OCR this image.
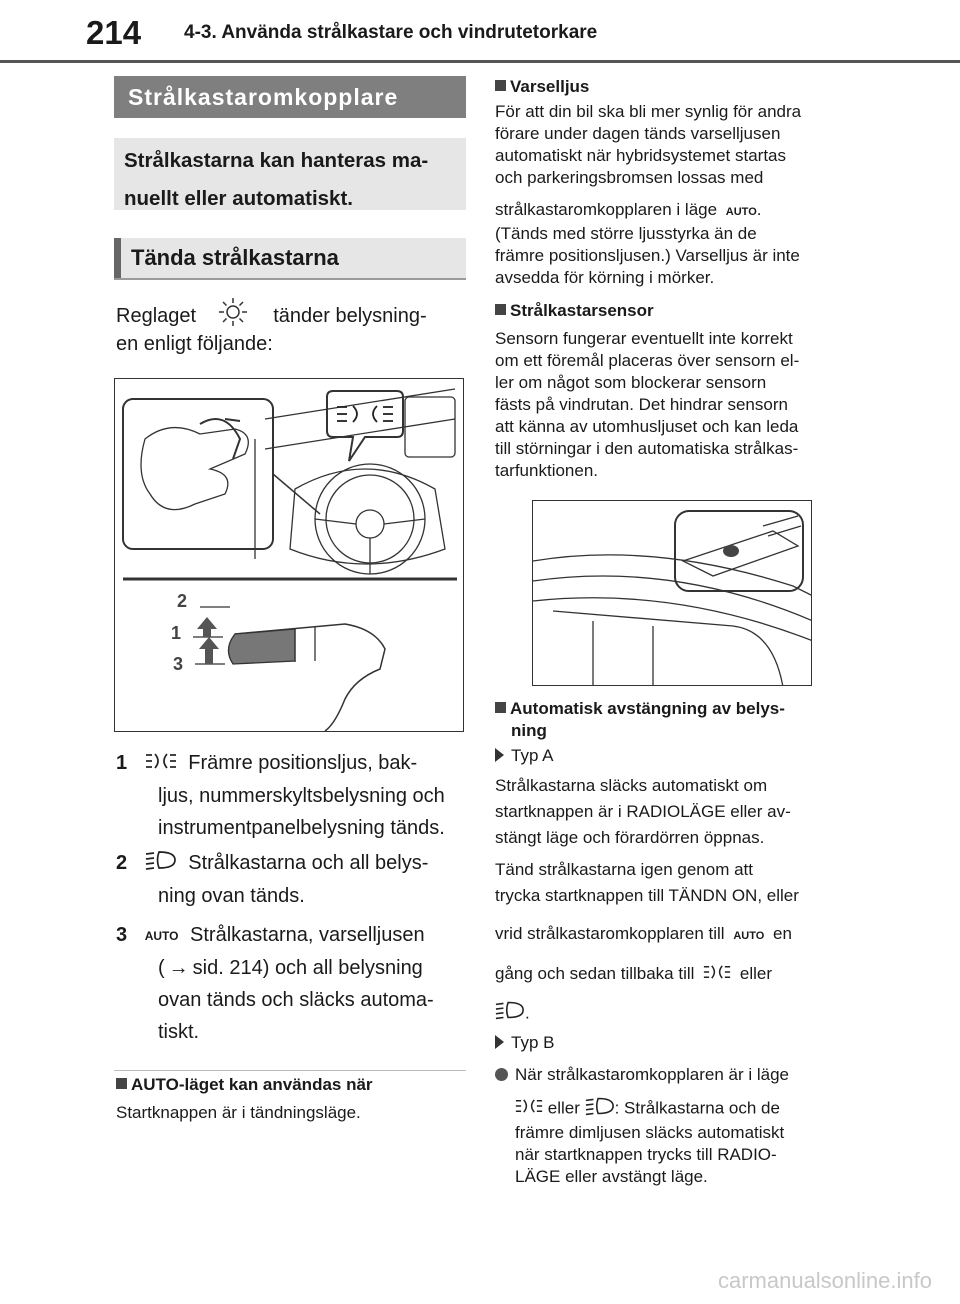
214 4-3. Använda strålkastare och vindrutetorkare
Strålkastaromkopplare
Strålkastarna kan hanteras ma-
nuellt eller automatiskt.
Tända strålkastarna
Reglaget	tänder belysning-
en enligt följande:
2
1
3
1	Främre positionsljus, bak-
ljus, nummerskyltsbelysning och
instrumentpanelbelysning tänds.
2	Strålkastarna och all belys-
ning ovan tänds.
3 AUTO Strålkastarna, varselljusen
( → sid. 214) och all belysning
ovan tänds och släcks automa-
tiskt.
AUTO-läget kan användas när
Startknappen är i tändningsläge.
Varselljus
För att din bil ska bli mer synlig för andra
förare under dagen tänds varselljusen
automatiskt när hybridsystemet startas
och parkeringsbromsen lossas med
strålkastaromkopplaren i läge AUTO.
(Tänds med större ljusstyrka än de
främre positionsljusen.) Varselljus är inte
avsedda för körning i mörker.
Strålkastarsensor
Sensorn fungerar eventuellt inte korrekt
om ett föremål placeras över sensorn el-
ler om något som blockerar sensorn
fästs på vindrutan. Det hindrar sensorn
att känna av utomhusljuset och kan leda
till störningar i den automatiska strålkas-
tarfunktionen.
Automatisk avstängning av belys-
ning
Typ A
Strålkastarna släcks automatiskt om
startknappen är i RADIOLÄGE eller av-
stängt läge och förardörren öppnas.
Tänd strålkastarna igen genom att
trycka startknappen till TÄNDN ON, eller
vrid strålkastaromkopplaren till AUTO en
gång och sedan tillbaka till	eller
.
Typ B
När strålkastaromkopplaren är i läge
eller : Strålkastarna och de
främre dimljusen släcks automatiskt
när startknappen trycks till RADIO-
LÄGE eller avstängt läge.
carmanualsonline.info
